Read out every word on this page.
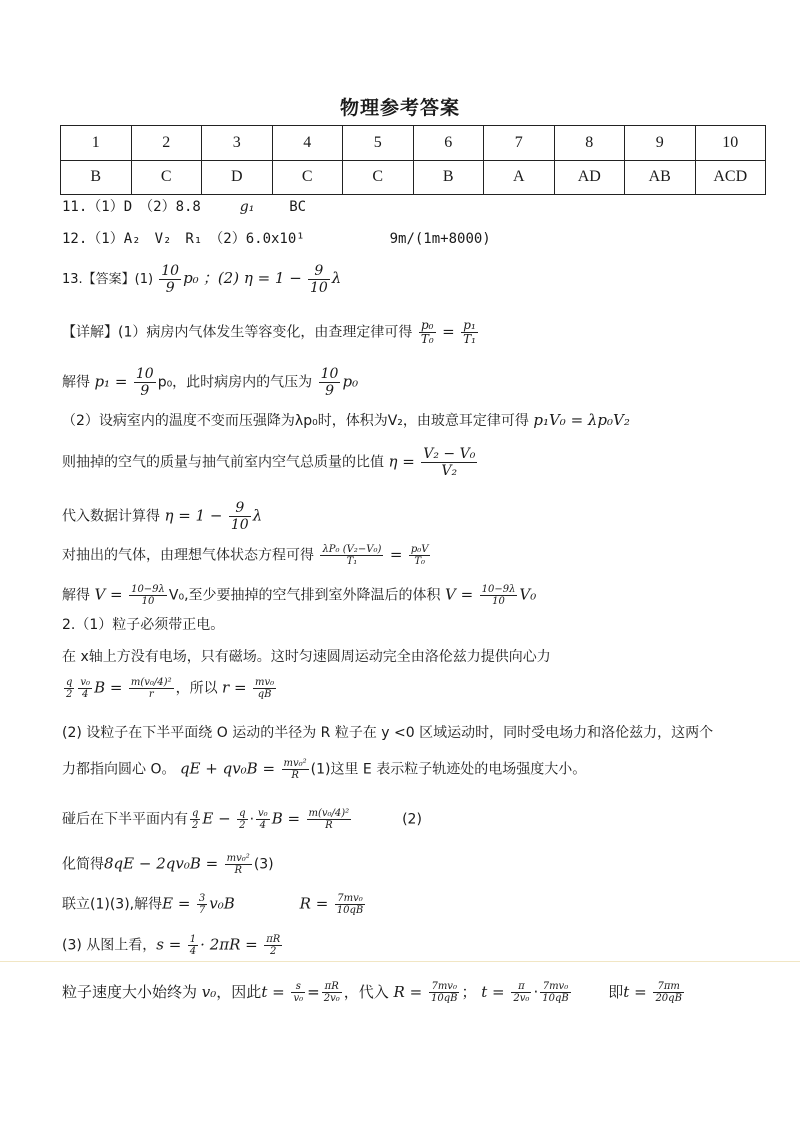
物理参考答案
1	2	3	4	5	6	7	8	9	10
B	C	D	C	C	B	A	AD	AB	ACD
11.（1）D　（2）8.8	g₁ BC
12.（1）A₂　V₂　R₁　（2）6.0x10¹	9m/(1m+8000)
13.【答案】$(1) \frac{10}{9} p_0$ ；(2) $\eta = 1 - \frac{9}{10}$ λ
【详解】(1）病房内气体发生等容变化，由查理定律可得 $\frac{\text{p₀}}{\text{T₀}} = \frac{\text{p₁}}{\text{T₁}}$
解得 $p_1 = \frac{10}{9} p_0$，此时病房内的气压为 $\frac{10}{9} p_0$
（2）设病室内的温度不变而压强降为λp₀时，体积为V₂，由玻意耳定律可得 p₁V₀ = λp₀V₂
则抽掉的空气的质量与抽气前室内空气总质量的比值 $\eta = \frac{\text{V₂ − V₀}}{\text{V₂}}$
代入数据计算得 $\eta = 1 - \frac{9}{10}$ λ
对抽出的气体，由理想气体状态方程可得 $\frac{\text{λP₀ (V₂−V₀)}}{\text{T₁}} = \frac{\text{p₀V}}{\text{T₀}}$
解得 $V = \frac{10-9\lambda}{10} V_0$,至少要抽掉的空气排到室外降温后的体积 $V = \frac{10-9\lambda}{10} V_0$
2.（1）粒子必须带正电。
在 x轴上方没有电场，只有磁场。这时匀速圆周运动完全由洛伦兹力提供向心力
$\frac{q}{2} \frac{\text{v₀}}{4}$ $B = \frac{\text{m(v₀/4)²}}{r}$ ，所以 $r = \frac{\text{mv₀}}{qB}$
(2) 设粒子在下半平面绕 O 运动的半径为 R 粒子在 y <0 区域运动时，同时受电场力和洛伦兹力，这两个
力都指向圆心 O。 qE + $qv_0B = \frac{\text{mv₀²}}{R} (1)$这里 E 表示粒子轨迹处的电场强度大小。
碰后在下半平面内有 $\frac{q}{2}$ $E - \frac{q}{2} \cdot \frac{\text{v₀}}{4}$ $B = \frac{\text{m(v₀/4)²}}{R}$	(2)
化简得$8qE - 2qv_0B = \frac{\text{mv₀²}}{R} (3)$
联立(1)(3),解得$E = \frac{3}{7} v_0B$	$R = \frac{\text{7mv₀}}{10qB}$
(3) 从图上看，$s = \frac{1}{4} \cdot 2\pi R = \frac{\pi R}{2}$
粒子速度大小始终为 v₀，因此$t = \frac{s}{\text{v₀}} = \frac{\pi R}{\text{2v₀}}$ ，代入 $R = \frac{\text{7mv₀}}{10qB}$ ； $t = \frac{\pi}{\text{2v₀}} \cdot \frac{\text{7mv₀}}{10qB}$	即$t = \frac{7\pi m}{20qB}$
